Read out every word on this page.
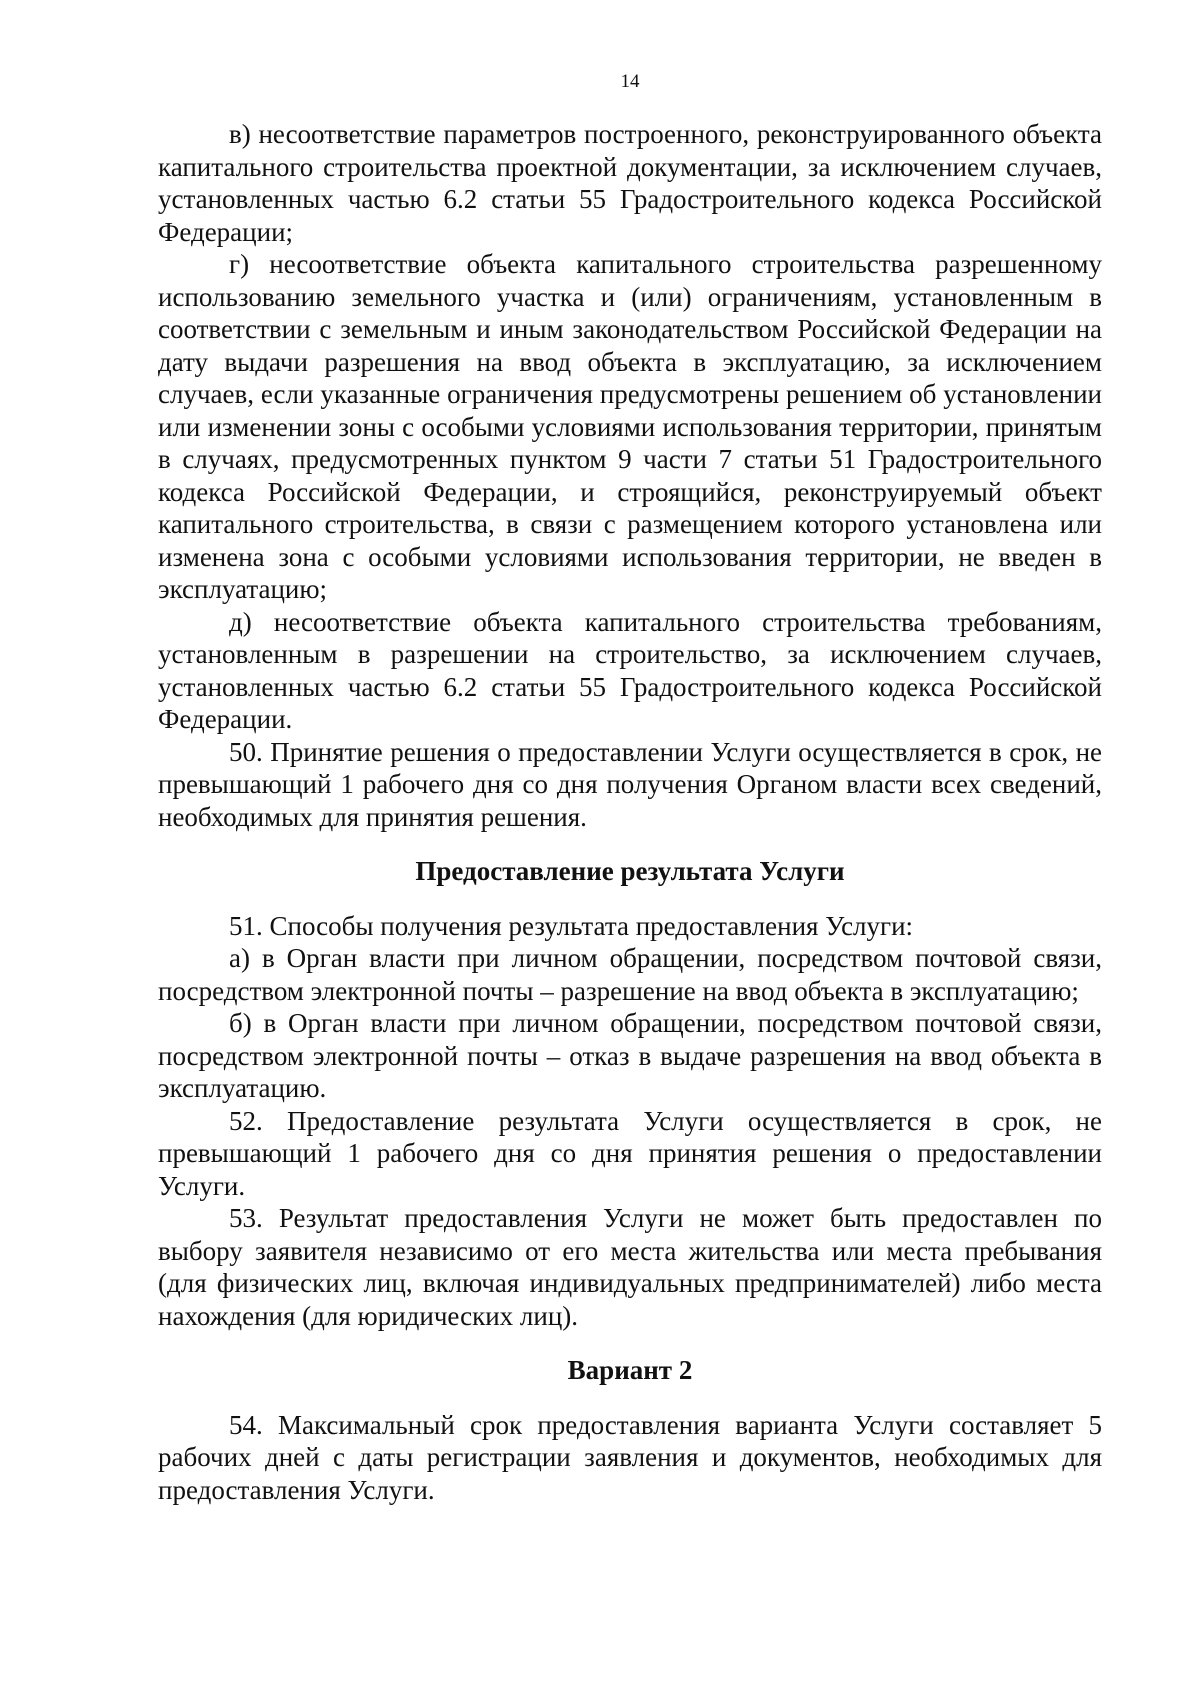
14

в) несоответствие параметров построенного, реконструированного объекта капитального строительства проектной документации, за исключением случаев, установленных частью 6.2 статьи 55 Градостроительного кодекса Российской Федерации;

г) несоответствие объекта капитального строительства разрешенному использованию земельного участка и (или) ограничениям, установленным в соответствии с земельным и иным законодательством Российской Федерации на дату выдачи разрешения на ввод объекта в эксплуатацию, за исключением случаев, если указанные ограничения предусмотрены решением об установлении или изменении зоны с особыми условиями использования территории, принятым в случаях, предусмотренных пунктом 9 части 7 статьи 51 Градостроительного кодекса Российской Федерации, и строящийся, реконструируемый объект капитального строительства, в связи с размещением которого установлена или изменена зона с особыми условиями использования территории, не введен в эксплуатацию;

д) несоответствие объекта капитального строительства требованиям, установленным в разрешении на строительство, за исключением случаев, установленных частью 6.2 статьи 55 Градостроительного кодекса Российской Федерации.

50. Принятие решения о предоставлении Услуги осуществляется в срок, не превышающий 1 рабочего дня со дня получения Органом власти всех сведений, необходимых для принятия решения.

Предоставление результата Услуги

51. Способы получения результата предоставления Услуги:

а) в Орган власти при личном обращении, посредством почтовой связи, посредством электронной почты – разрешение на ввод объекта в эксплуатацию;

б) в Орган власти при личном обращении, посредством почтовой связи, посредством электронной почты – отказ в выдаче разрешения на ввод объекта в эксплуатацию.

52. Предоставление результата Услуги осуществляется в срок, не превышающий 1 рабочего дня со дня принятия решения о предоставлении Услуги.

53. Результат предоставления Услуги не может быть предоставлен по выбору заявителя независимо от его места жительства или места пребывания (для физических лиц, включая индивидуальных предпринимателей) либо места нахождения (для юридических лиц).

Вариант 2

54. Максимальный срок предоставления варианта Услуги составляет 5 рабочих дней с даты регистрации заявления и документов, необходимых для предоставления Услуги.
